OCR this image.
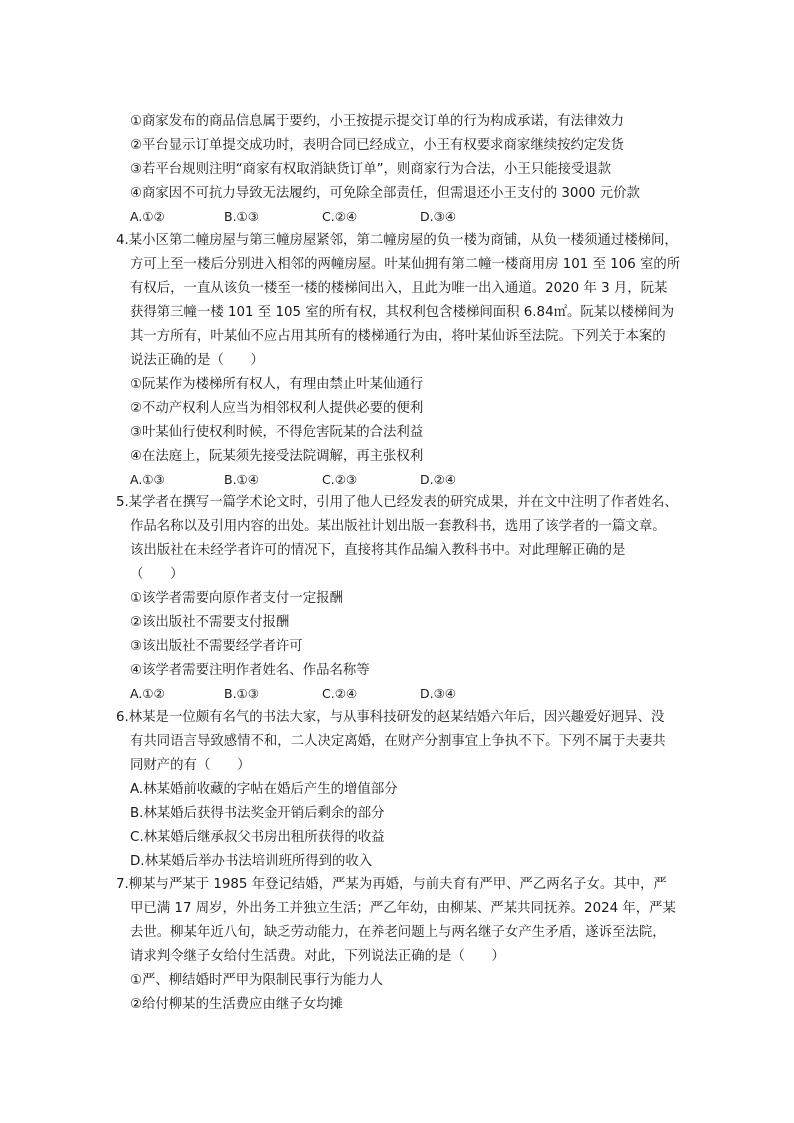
①商家发布的商品信息属于要约，小王按提示提交订单的行为构成承诺，有法律效力
②平台显示订单提交成功时，表明合同已经成立，小王有权要求商家继续按约定发货
③若平台规则注明“商家有权取消缺货订单”，则商家行为合法，小王只能接受退款
④商家因不可抗力导致无法履约，可免除全部责任，但需退还小王支付的 3000 元价款
A.①②	B.①③	C.②④	D.③④
4.某小区第二幢房屋与第三幢房屋紧邻，第二幢房屋的负一楼为商铺，从负一楼须通过楼梯间，
方可上至一楼后分别进入相邻的两幢房屋。叶某仙拥有第二幢一楼商用房 101 至 106 室的所
有权后，一直从该负一楼至一楼的楼梯间出入，且此为唯一出入通道。2020 年 3 月，阮某
获得第三幢一楼 101 至 105 室的所有权，其权利包含楼梯间面积 6.84㎡。阮某以楼梯间为
其一方所有，叶某仙不应占用其所有的楼梯通行为由，将叶某仙诉至法院。下列关于本案的
说法正确的是（　　）
①阮某作为楼梯所有权人，有理由禁止叶某仙通行
②不动产权利人应当为相邻权利人提供必要的便利
③叶某仙行使权利时候，不得危害阮某的合法利益
④在法庭上，阮某须先接受法院调解，再主张权利
A.①③	B.①④	C.②③	D.②④
5.某学者在撰写一篇学术论文时，引用了他人已经发表的研究成果，并在文中注明了作者姓名、
作品名称以及引用内容的出处。某出版社计划出版一套教科书，选用了该学者的一篇文章。
该出版社在未经学者许可的情况下，直接将其作品编入教科书中。对此理解正确的是
（　　）
①该学者需要向原作者支付一定报酬
②该出版社不需要支付报酬
③该出版社不需要经学者许可
④该学者需要注明作者姓名、作品名称等
A.①②	B.①③	C.②④	D.③④
6.林某是一位颇有名气的书法大家，与从事科技研发的赵某结婚六年后，因兴趣爱好迥异、没
有共同语言导致感情不和，二人决定离婚，在财产分割事宜上争执不下。下列不属于夫妻共
同财产的有（　　）
A.林某婚前收藏的字帖在婚后产生的增值部分
B.林某婚后获得书法奖金开销后剩余的部分
C.林某婚后继承叔父书房出租所获得的收益
D.林某婚后举办书法培训班所得到的收入
7.柳某与严某于 1985 年登记结婚，严某为再婚，与前夫育有严甲、严乙两名子女。其中，严
甲已满 17 周岁，外出务工并独立生活；严乙年幼，由柳某、严某共同抚养。2024 年，严某
去世。柳某年近八旬，缺乏劳动能力，在养老问题上与两名继子女产生矛盾，遂诉至法院，
请求判令继子女给付生活费。对此，下列说法正确的是（　　）
①严、柳结婚时严甲为限制民事行为能力人
②给付柳某的生活费应由继子女均摊
